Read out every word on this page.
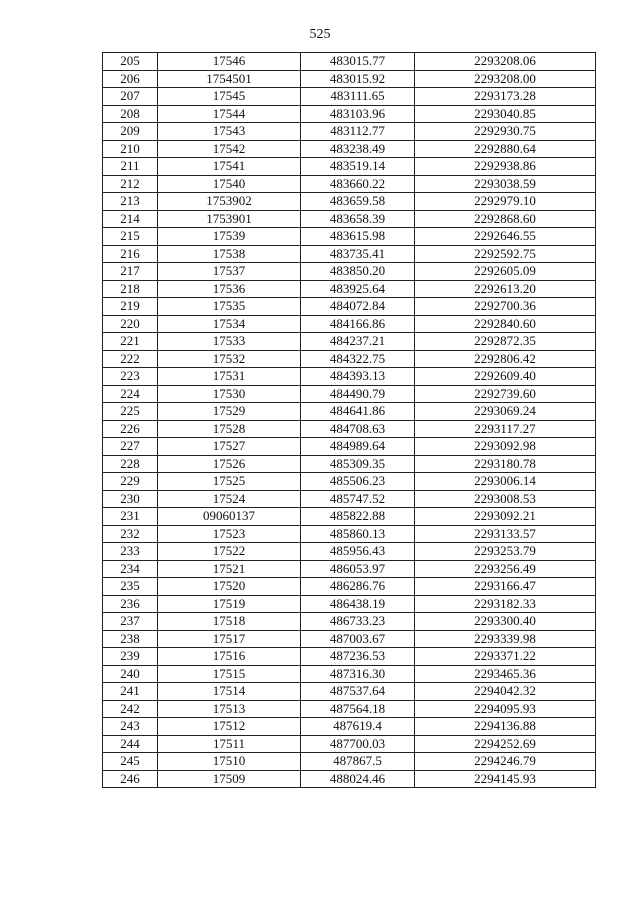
525
205	17546	483015.77	2293208.06
206	1754501	483015.92	2293208.00
207	17545	483111.65	2293173.28
208	17544	483103.96	2293040.85
209	17543	483112.77	2292930.75
210	17542	483238.49	2292880.64
211	17541	483519.14	2292938.86
212	17540	483660.22	2293038.59
213	1753902	483659.58	2292979.10
214	1753901	483658.39	2292868.60
215	17539	483615.98	2292646.55
216	17538	483735.41	2292592.75
217	17537	483850.20	2292605.09
218	17536	483925.64	2292613.20
219	17535	484072.84	2292700.36
220	17534	484166.86	2292840.60
221	17533	484237.21	2292872.35
222	17532	484322.75	2292806.42
223	17531	484393.13	2292609.40
224	17530	484490.79	2292739.60
225	17529	484641.86	2293069.24
226	17528	484708.63	2293117.27
227	17527	484989.64	2293092.98
228	17526	485309.35	2293180.78
229	17525	485506.23	2293006.14
230	17524	485747.52	2293008.53
231	09060137	485822.88	2293092.21
232	17523	485860.13	2293133.57
233	17522	485956.43	2293253.79
234	17521	486053.97	2293256.49
235	17520	486286.76	2293166.47
236	17519	486438.19	2293182.33
237	17518	486733.23	2293300.40
238	17517	487003.67	2293339.98
239	17516	487236.53	2293371.22
240	17515	487316.30	2293465.36
241	17514	487537.64	2294042.32
242	17513	487564.18	2294095.93
243	17512	487619.4	2294136.88
244	17511	487700.03	2294252.69
245	17510	487867.5	2294246.79
246	17509	488024.46	2294145.93
